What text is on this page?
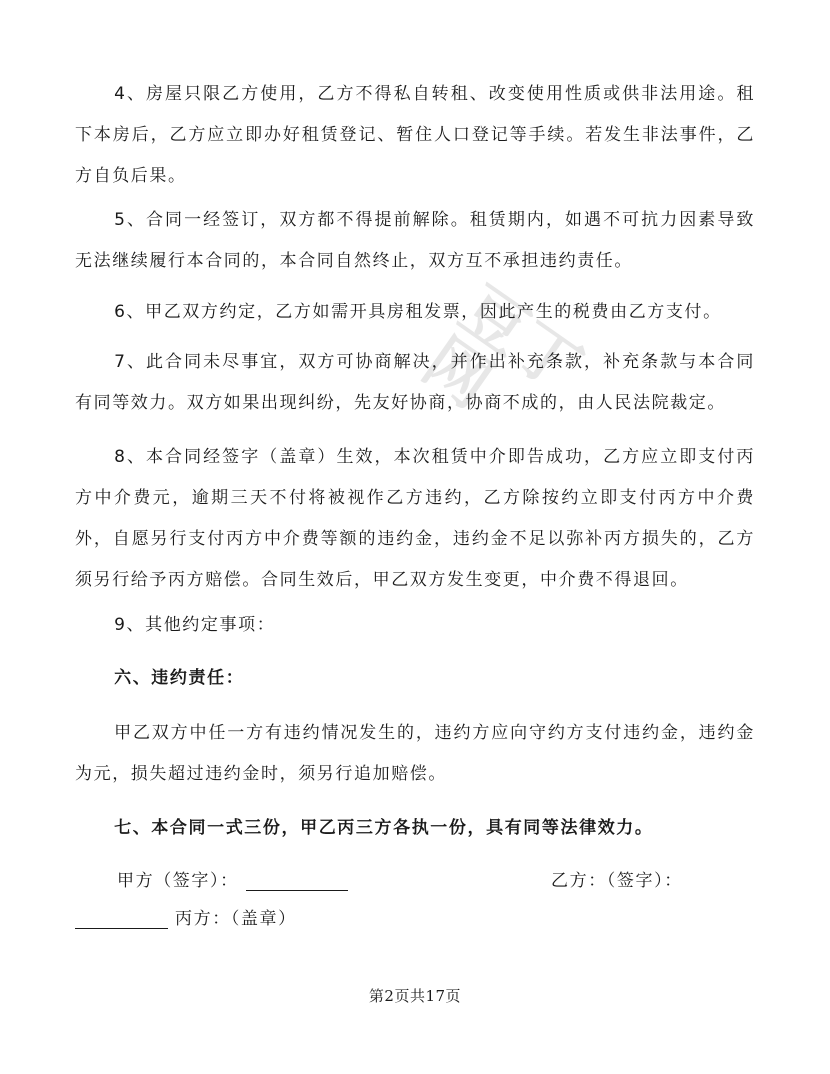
豆丁网

4、房屋只限乙方使用，乙方不得私自转租、改变使用性质或供非法用途。租下本房后，乙方应立即办好租赁登记、暂住人口登记等手续。若发生非法事件，乙方自负后果。

5、合同一经签订，双方都不得提前解除。租赁期内，如遇不可抗力因素导致无法继续履行本合同的，本合同自然终止，双方互不承担违约责任。

6、甲乙双方约定，乙方如需开具房租发票，因此产生的税费由乙方支付。

7、此合同未尽事宜，双方可协商解决，并作出补充条款，补充条款与本合同有同等效力。双方如果出现纠纷，先友好协商，协商不成的，由人民法院裁定。

8、本合同经签字（盖章）生效，本次租赁中介即告成功，乙方应立即支付丙方中介费元，逾期三天不付将被视作乙方违约，乙方除按约立即支付丙方中介费外，自愿另行支付丙方中介费等额的违约金，违约金不足以弥补丙方损失的，乙方须另行给予丙方赔偿。合同生效后，甲乙双方发生变更，中介费不得退回。

9、其他约定事项：

六、违约责任：

甲乙双方中任一方有违约情况发生的，违约方应向守约方支付违约金，违约金为元，损失超过违约金时，须另行追加赔偿。

七、本合同一式三份，甲乙丙三方各执一份，具有同等法律效力。

甲方（签字）：	乙方：（签字）：
丙方：（盖章）
第2页共17页
